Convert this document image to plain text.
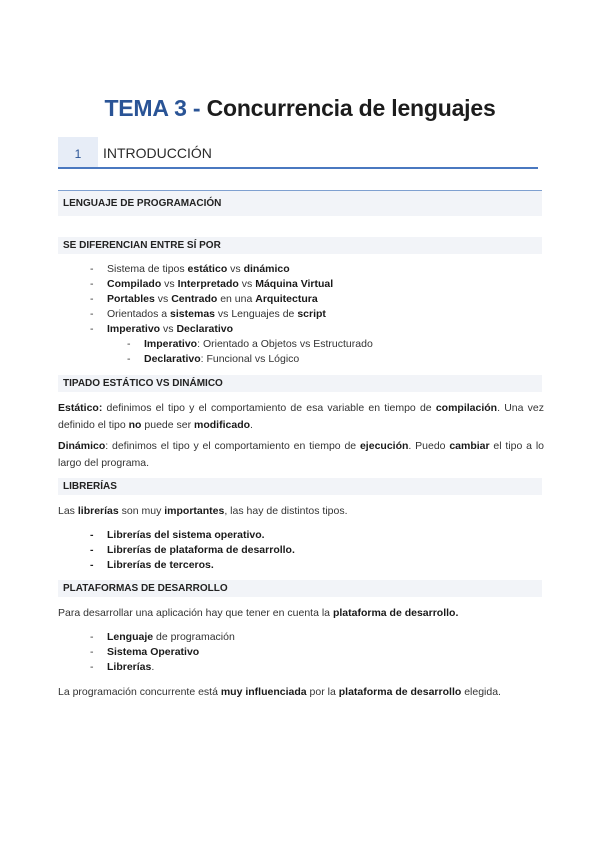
TEMA 3 - Concurrencia de lenguajes
1	INTRODUCCIÓN
LENGUAJE DE PROGRAMACIÓN
SE DIFERENCIAN ENTRE SÍ POR
- Sistema de tipos estático vs dinámico
- Compilado vs Interpretado vs Máquina Virtual
- Portables vs Centrado en una Arquitectura
- Orientados a sistemas vs Lenguajes de script
- Imperativo vs Declarativo
- Imperativo: Orientado a Objetos vs Estructurado
- Declarativo: Funcional vs Lógico
TIPADO ESTÁTICO VS DINÁMICO
Estático: definimos el tipo y el comportamiento de esa variable en tiempo de compilación. Una vez definido el tipo no puede ser modificado.
Dinámico: definimos el tipo y el comportamiento en tiempo de ejecución. Puedo cambiar el tipo a lo largo del programa.
LIBRERÍAS
Las librerías son muy importantes, las hay de distintos tipos.
- Librerías del sistema operativo.
- Librerías de plataforma de desarrollo.
- Librerías de terceros.
PLATAFORMAS DE DESARROLLO
Para desarrollar una aplicación hay que tener en cuenta la plataforma de desarrollo.
- Lenguaje de programación
- Sistema Operativo
- Librerías.
La programación concurrente está muy influenciada por la plataforma de desarrollo elegida.
